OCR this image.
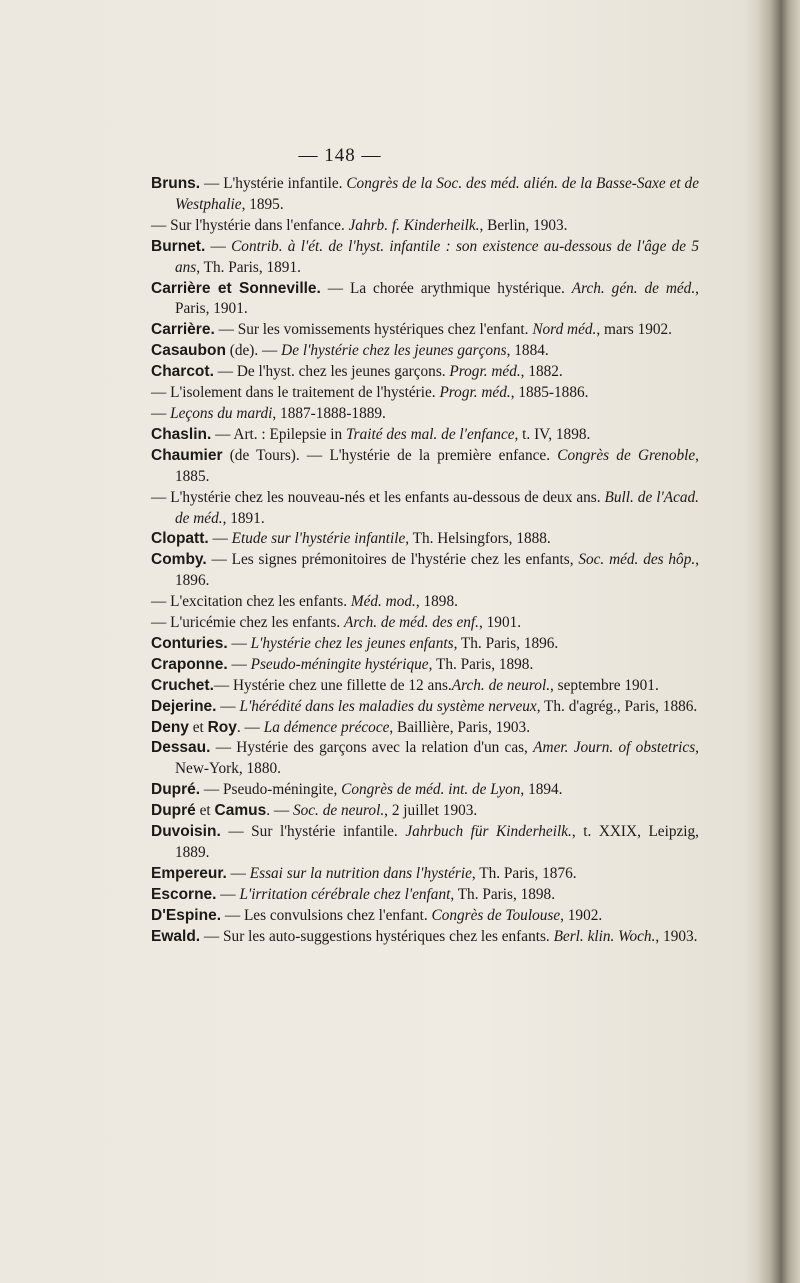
— 148 —
Bruns. — L'hystérie infantile. Congrès de la Soc. des méd. alién. de la Basse-Saxe et de Westphalie, 1895.
— Sur l'hystérie dans l'enfance. Jahrb. f. Kinderheilk., Berlin, 1903.
Burnet. — Contrib. à l'ét. de l'hyst. infantile : son existence au-dessous de l'âge de 5 ans, Th. Paris, 1891.
Carrière et Sonneville. — La chorée arythmique hystérique. Arch. gén. de méd., Paris, 1901.
Carrière. — Sur les vomissements hystériques chez l'enfant. Nord méd., mars 1902.
Casaubon (de). — De l'hystérie chez les jeunes garçons, 1884.
Charcot. — De l'hyst. chez les jeunes garçons. Progr. méd., 1882.
— L'isolement dans le traitement de l'hystérie. Progr. méd., 1885-1886.
— Leçons du mardi, 1887-1888-1889.
Chaslin. — Art. : Epilepsie in Traité des mal. de l'enfance, t. IV, 1898.
Chaumier (de Tours). — L'hystérie de la première enfance. Congrès de Grenoble, 1885.
— L'hystérie chez les nouveau-nés et les enfants au-dessous de deux ans. Bull. de l'Acad. de méd., 1891.
Clopatt. — Etude sur l'hystérie infantile, Th. Helsingfors, 1888.
Comby. — Les signes prémonitoires de l'hystérie chez les enfants, Soc. méd. des hôp., 1896.
— L'excitation chez les enfants. Méd. mod., 1898.
— L'uricémie chez les enfants. Arch. de méd. des enf., 1901.
Conturies. — L'hystérie chez les jeunes enfants, Th. Paris, 1896.
Craponne. — Pseudo-méningite hystérique, Th. Paris, 1898.
Cruchet.— Hystérie chez une fillette de 12 ans.Arch. de neurol., septembre 1901.
Dejerine. — L'hérédité dans les maladies du système nerveux, Th. d'agrég., Paris, 1886.
Deny et Roy. — La démence précoce, Baillière, Paris, 1903.
Dessau. — Hystérie des garçons avec la relation d'un cas, Amer. Journ. of obstetrics, New-York, 1880.
Dupré. — Pseudo-méningite, Congrès de méd. int. de Lyon, 1894.
Dupré et Camus. — Soc. de neurol., 2 juillet 1903.
Duvoisin. — Sur l'hystérie infantile. Jahrbuch für Kinderheilk., t. XXIX, Leipzig, 1889.
Empereur. — Essai sur la nutrition dans l'hystérie, Th. Paris, 1876.
Escorne. — L'irritation cérébrale chez l'enfant, Th. Paris, 1898.
D'Espine. — Les convulsions chez l'enfant. Congrès de Toulouse, 1902.
Ewald. — Sur les auto-suggestions hystériques chez les enfants. Berl. klin. Woch., 1903.
